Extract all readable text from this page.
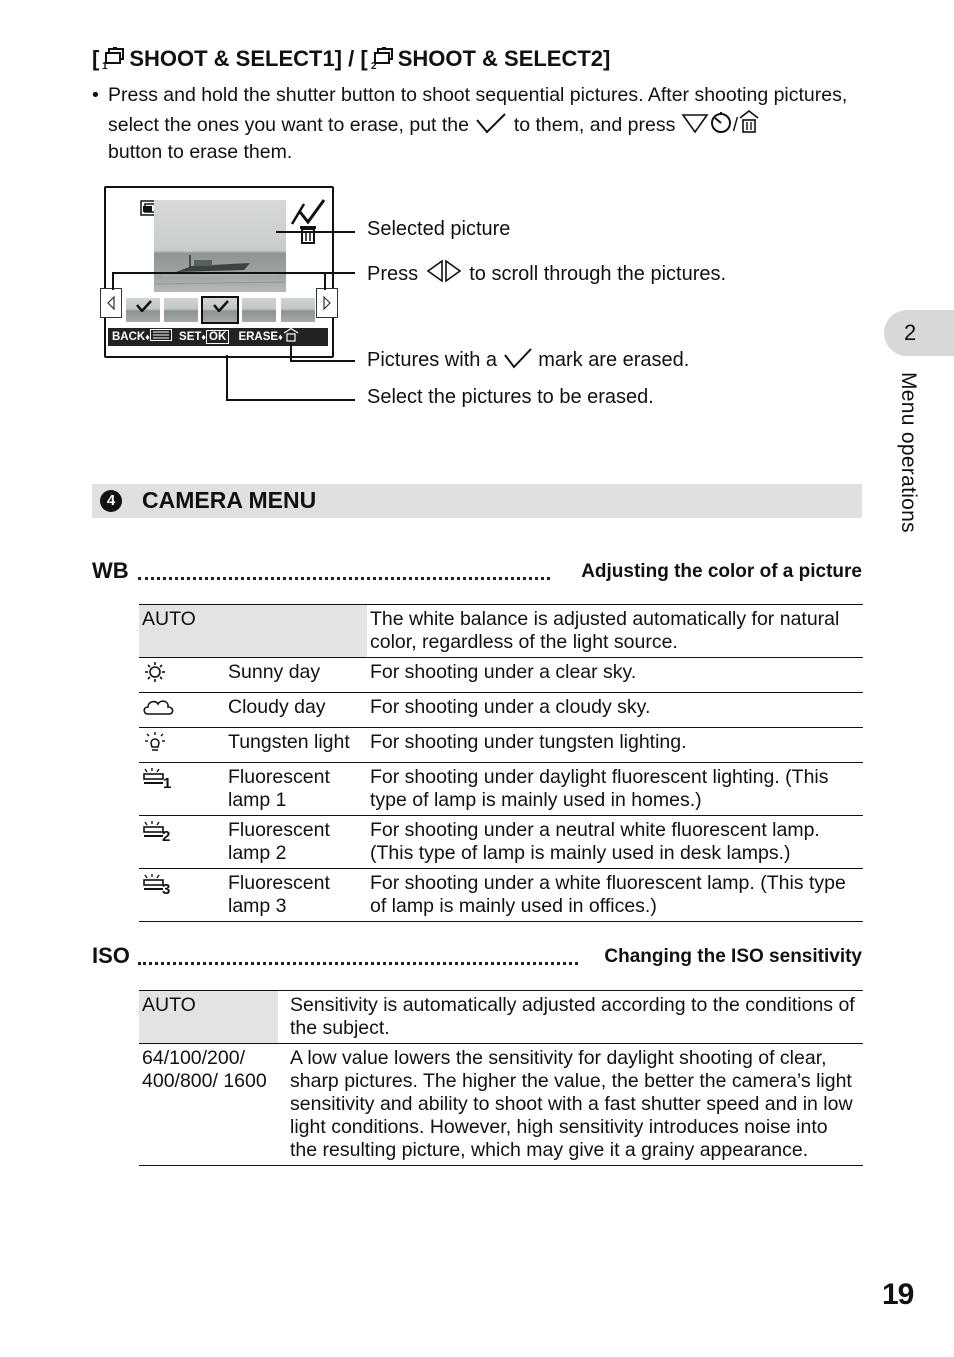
[ 1 SHOOT & SELECT1] / [ 2 SHOOT & SELECT2]
• Press and hold the shutter button to shoot sequential pictures. After shooting pictures, select the ones you want to erase, put the to them, and press	/
button to erase them.
BACK♦	SET♦ OK ERASE♦
Selected picture
Press	to scroll through the pictures.
Pictures with a mark are erased.
Select the pictures to be erased.
4 CAMERA MENU
WB	Adjusting the color of a picture
AUTO		The white balance is adjusted automatically for natural color, regardless of the light source.
	Sunny day	For shooting under a clear sky.
	Cloudy day	For shooting under a cloudy sky.
	Tungsten light	For shooting under tungsten lighting.

1	Fluorescent lamp 1	For shooting under daylight fluorescent lighting. (This type of lamp is mainly used in homes.)

2	Fluorescent lamp 2	For shooting under a neutral white fluorescent lamp. (This type of lamp is mainly used in desk lamps.)

3	Fluorescent lamp 3	For shooting under a white fluorescent lamp. (This type of lamp is mainly used in offices.)
ISO	Changing the ISO sensitivity
AUTO	Sensitivity is automatically adjusted according to the conditions of the subject.
64/100/200/ 400/800/ 1600	A low value lowers the sensitivity for daylight shooting of clear, sharp pictures. The higher the value, the better the camera’s light sensitivity and ability to shoot with a fast shutter speed and in low light conditions. However, high sensitivity introduces noise into the resulting picture, which may give it a grainy appearance.
2
Menu operations
19
